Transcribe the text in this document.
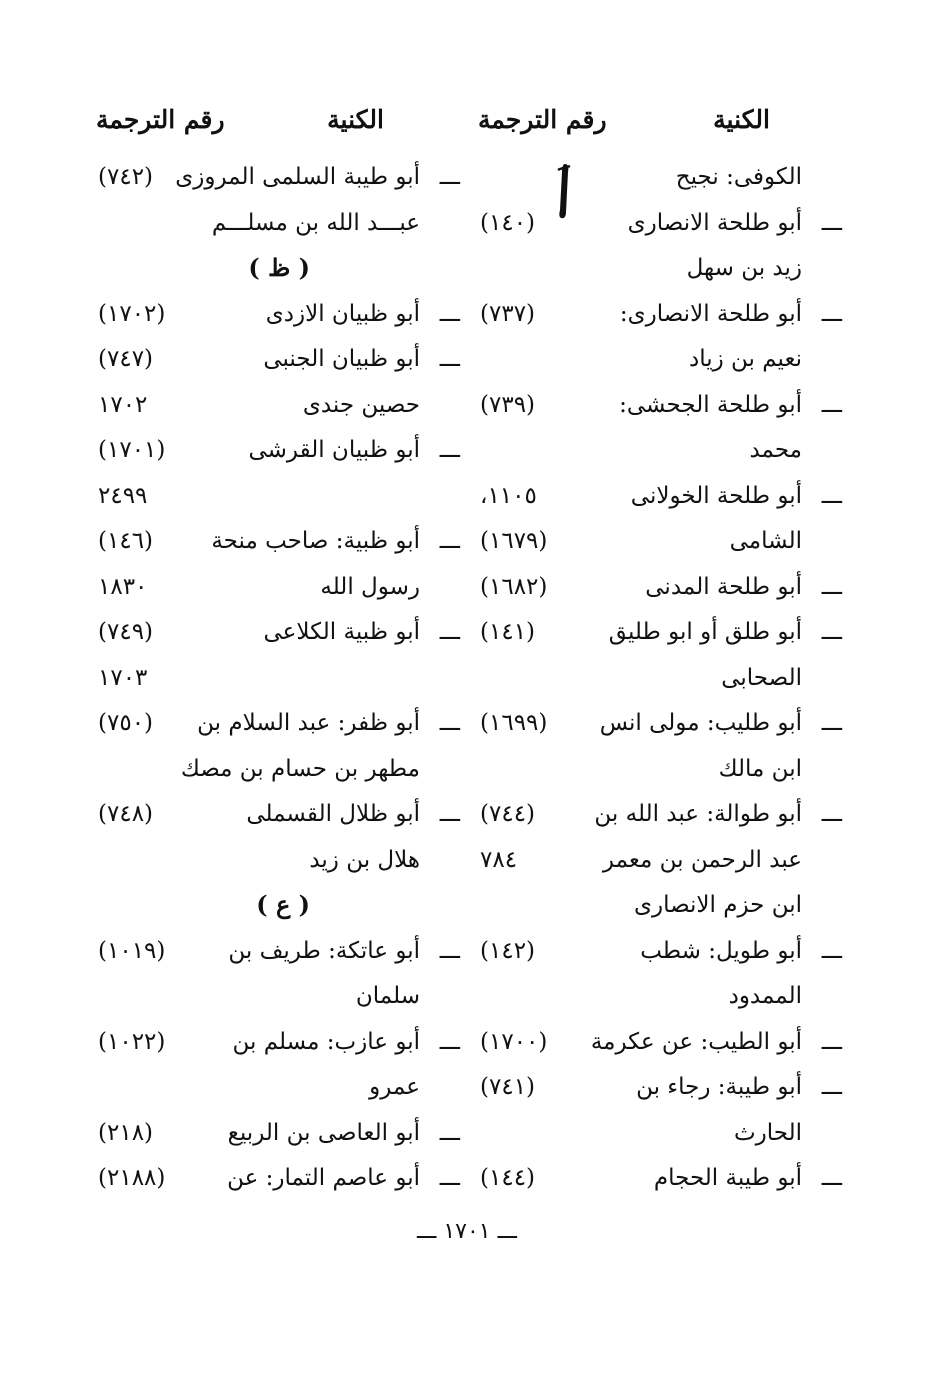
الكنية
رقم الترجمة
الكوفى: نجيح
ـــ
أبو طلحة الانصارى
(١٤٠)
زيد بن سهل
ـــ
أبو طلحة الانصارى:
(٧٣٧)
نعيم بن زياد
ـــ
أبو طلحة الجحشى:
(٧٣٩)
محمد
ـــ
أبو طلحة الخولانى
١١٠٥،
الشامى
(١٦٧٩)
ـــ
أبو طلحة المدنى
(١٦٨٢)
ـــ
أبو طلق أو ابو طليق
(١٤١)
الصحابى
ـــ
أبو طليب: مولى انس
(١٦٩٩)
ابن مالك
ـــ
أبو طوالة: عبد الله بن
(٧٤٤)
عبد الرحمن بن معمر
٧٨٤
ابن حزم الانصارى
ـــ
أبو طويل: شطب
(١٤٢)
الممدود
ـــ
أبو الطيب: عن عكرمة
(١٧٠٠)
ـــ
أبو طيبة: رجاء بن
(٧٤١)
الحارث
ـــ
أبو طيبة الحجام
(١٤٤)
الكنية
رقم الترجمة
ـــ
أبو طيبة السلمى المروزى
(٧٤٢)
عبـــد الله بن مسلـــم
( ظ )
ـــ
أبو ظبيان الازدى
(١٧٠٢)
ـــ
أبو ظبيان الجنبى
(٧٤٧)
حصين جندى
١٧٠٢
ـــ
أبو ظبيان القرشى
(١٧٠١)
٢٤٩٩
ـــ
أبو ظبية: صاحب منحة
(١٤٦)
رسول الله
١٨٣٠
ـــ
أبو ظبية الكلاعى
(٧٤٩)
١٧٠٣
ـــ
أبو ظفر: عبد السلام بن
(٧٥٠)
مطهر بن حسام بن مصك
ـــ
أبو ظلال القسملى
(٧٤٨)
هلال بن زيد
( ع )
ـــ
أبو عاتكة: طريف بن
(١٠١٩)
سلمان
ـــ
أبو عازب: مسلم بن
(١٠٢٢)
عمرو
ـــ
أبو العاصى بن الربيع
(٢١٨)
ـــ
أبو عاصم التمار: عن
(٢١٨٨)
ـــ ١٧٠١ ـــ
